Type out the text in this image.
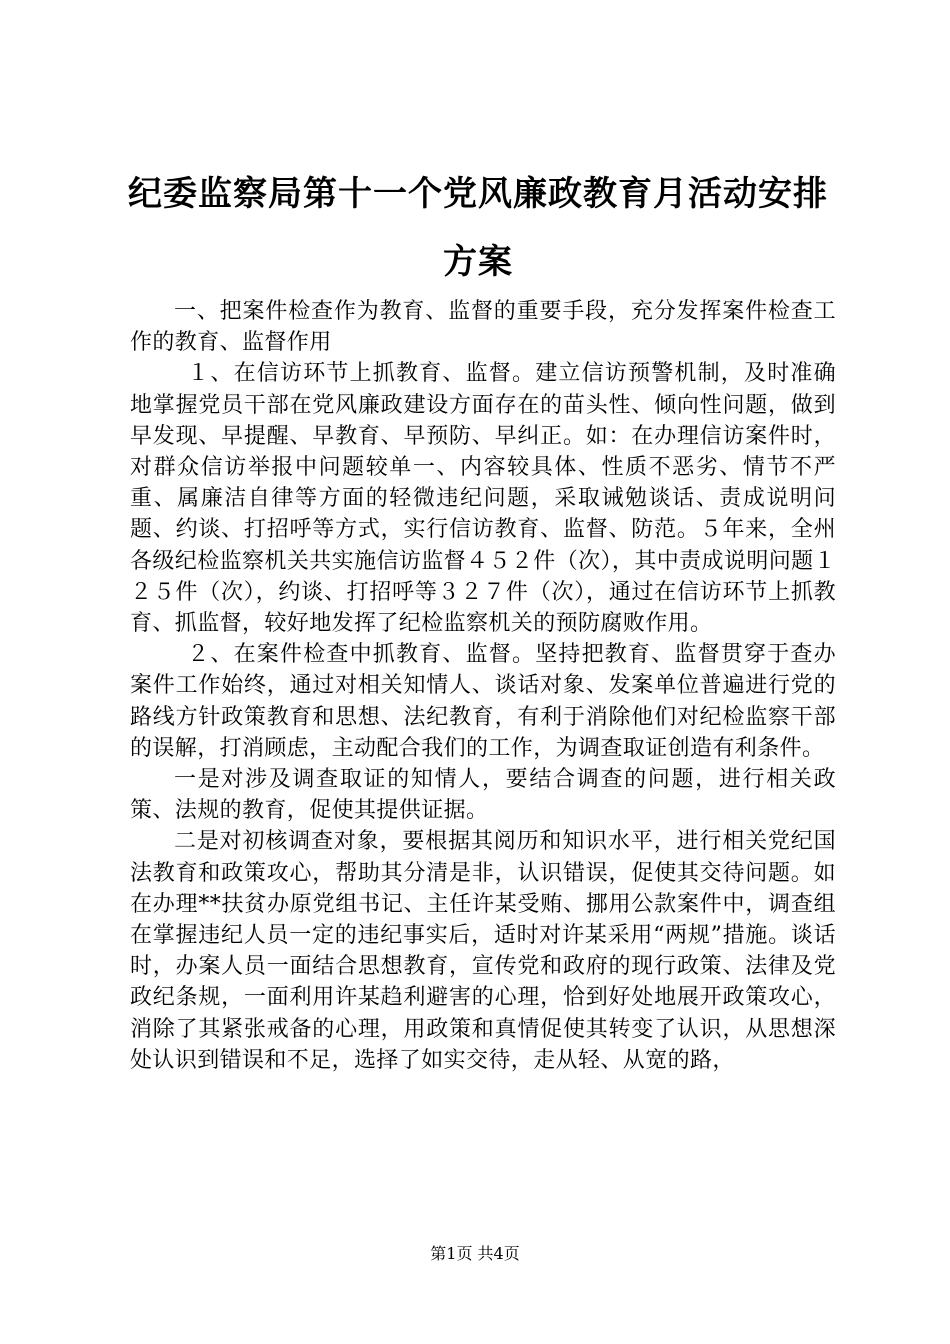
纪委监察局第十一个党风廉政教育月活动安排方案

一、把案件检查作为教育、监督的重要手段，充分发挥案件检查工作的教育、监督作用

１、在信访环节上抓教育、监督。建立信访预警机制，及时准确地掌握党员干部在党风廉政建设方面存在的苗头性、倾向性问题，做到早发现、早提醒、早教育、早预防、早纠正。如：在办理信访案件时，对群众信访举报中问题较单一、内容较具体、性质不恶劣、情节不严重、属廉洁自律等方面的轻微违纪问题，采取诫勉谈话、责成说明问题、约谈、打招呼等方式，实行信访教育、监督、防范。５年来，全州各级纪检监察机关共实施信访监督４５２件（次），其中责成说明问题１２５件（次），约谈、打招呼等３２７件（次），通过在信访环节上抓教育、抓监督，较好地发挥了纪检监察机关的预防腐败作用。

２、在案件检查中抓教育、监督。坚持把教育、监督贯穿于查办案件工作始终，通过对相关知情人、谈话对象、发案单位普遍进行党的路线方针政策教育和思想、法纪教育，有利于消除他们对纪检监察干部的误解，打消顾虑，主动配合我们的工作，为调查取证创造有利条件。

一是对涉及调查取证的知情人，要结合调查的问题，进行相关政策、法规的教育，促使其提供证据。

二是对初核调查对象，要根据其阅历和知识水平，进行相关党纪国法教育和政策攻心，帮助其分清是非，认识错误，促使其交待问题。如在办理**扶贫办原党组书记、主任许某受贿、挪用公款案件中，调查组在掌握违纪人员一定的违纪事实后，适时对许某采用“两规”措施。谈话时，办案人员一面结合思想教育，宣传党和政府的现行政策、法律及党政纪条规，一面利用许某趋利避害的心理，恰到好处地展开政策攻心，消除了其紧张戒备的心理，用政策和真情促使其转变了认识，从思想深处认识到错误和不足，选择了如实交待，走从轻、从宽的路，

第1页 共4页
